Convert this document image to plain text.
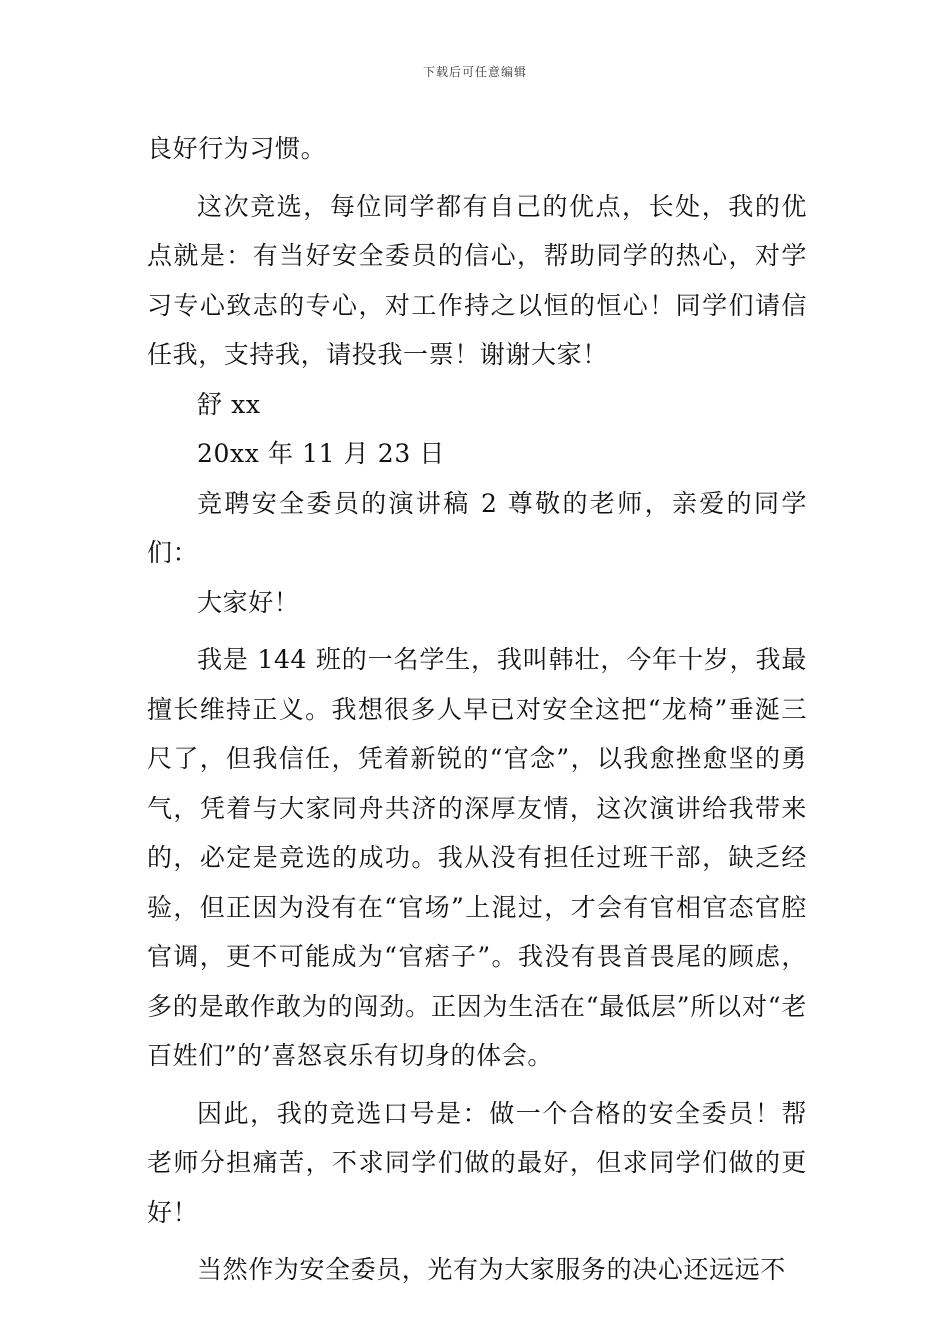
下载后可任意编辑

良好行为习惯。

这次竞选，每位同学都有自己的优点，长处，我的优点就是：有当好安全委员的信心，帮助同学的热心，对学习专心致志的专心，对工作持之以恒的恒心！同学们请信任我，支持我，请投我一票！谢谢大家！

舒 xx

20xx 年 11 月 23 日

竞聘安全委员的演讲稿 2 尊敬的老师，亲爱的同学们：

大家好！

我是 144 班的一名学生，我叫韩壮，今年十岁，我最擅长维持正义。我想很多人早已对安全这把“龙椅”垂涎三尺了，但我信任，凭着新锐的“官念”，以我愈挫愈坚的勇气，凭着与大家同舟共济的深厚友情，这次演讲给我带来的，必定是竞选的成功。我从没有担任过班干部，缺乏经验，但正因为没有在“官场”上混过，才会有官相官态官腔官调，更不可能成为“官痞子”。我没有畏首畏尾的顾虑，多的是敢作敢为的闯劲。正因为生活在“最低层”所以对“老百姓们”的’喜怒哀乐有切身的体会。

因此，我的竞选口号是：做一个合格的安全委员！帮老师分担痛苦，不求同学们做的最好，但求同学们做的更好！

当然作为安全委员，光有为大家服务的决心还远远不
